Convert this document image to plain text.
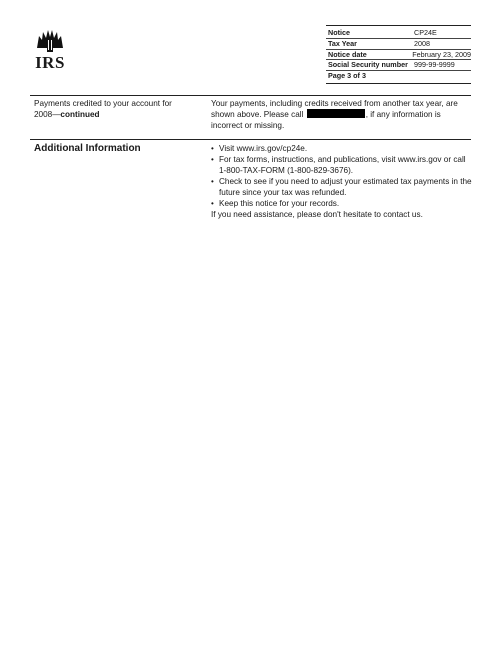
IRS
Notice	CP24E
Tax Year	2008
Notice date	February 23, 2009
Social Security number 999-99-9999
Page 3 of 3
Payments credited to your account for
2008—continued
Your payments, including credits received from another tax year, are
shown above. Please call	, if any information is
incorrect or missing.
Additional Information
•	Visit www.irs.gov/cp24e.
• For tax forms, instructions, and publications, visit www.irs.gov or call 1-800-TAX-FORM (1-800-829-3676).
• Check to see if you need to adjust your estimated tax payments in the future since your tax was refunded.
• Keep this notice for your records.
If you need assistance, please don't hesitate to contact us.
